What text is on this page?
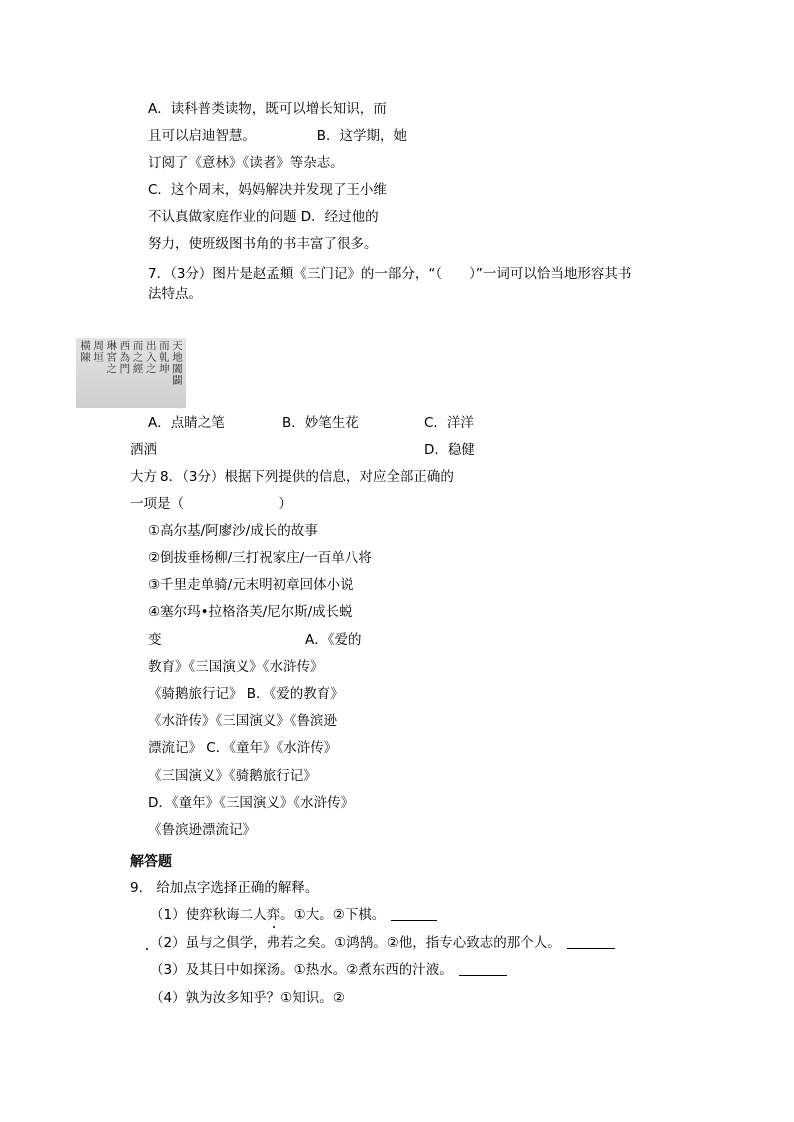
A．读科普类读物，既可以增长知识，而
且可以启迪智慧。　　　　　B．这学期，她
订阅了《意林》《读者》等杂志。
C．这个周末，妈妈解决并发现了王小维
不认真做家庭作业的问题 D．经过他的
努力，使班级图书角的书丰富了很多。
7．（3分）图片是赵孟頫《三门记》的一部分，“（　　）”一词可以恰当地形容其书
法特点。
天地闔闢
而乹坤
出入之
而之經
西為門
琳宮之
周垣
橫陳
A．点睛之笔	B．妙笔生花	C．洋洋
洒洒	D．稳健
大方 8．（3分）根据下列提供的信息，对应全部正确的
一项是（　　　　　　　）
①高尔基/阿廖沙/成长的故事
②倒拔垂杨柳/三打祝家庄/一百单八将
③千里走单骑/元末明初章回体小说
④塞尔玛•拉格洛芙/尼尔斯/成长蜕
变	A．《爱的
教育》《三国演义》《水浒传》
《骑鹅旅行记》 B．《爱的教育》
《水浒传》《三国演义》《鲁滨逊
漂流记》 C．《童年》《水浒传》
《三国演义》《骑鹅旅行记》
D．《童年》《三国演义》《水浒传》
《鲁滨逊漂流记》
解答题
9.　给加点字选择正确的解释。
（1）使弈秋诲二人弈。①大。②下棋。
（2）虽与之俱学，弗若之矣。①鸿鹄。②他，指专心致志的那个人。
（3）及其日中如探汤。①热水。②煮东西的汁液。
（4）孰为汝多知乎？①知识。②
